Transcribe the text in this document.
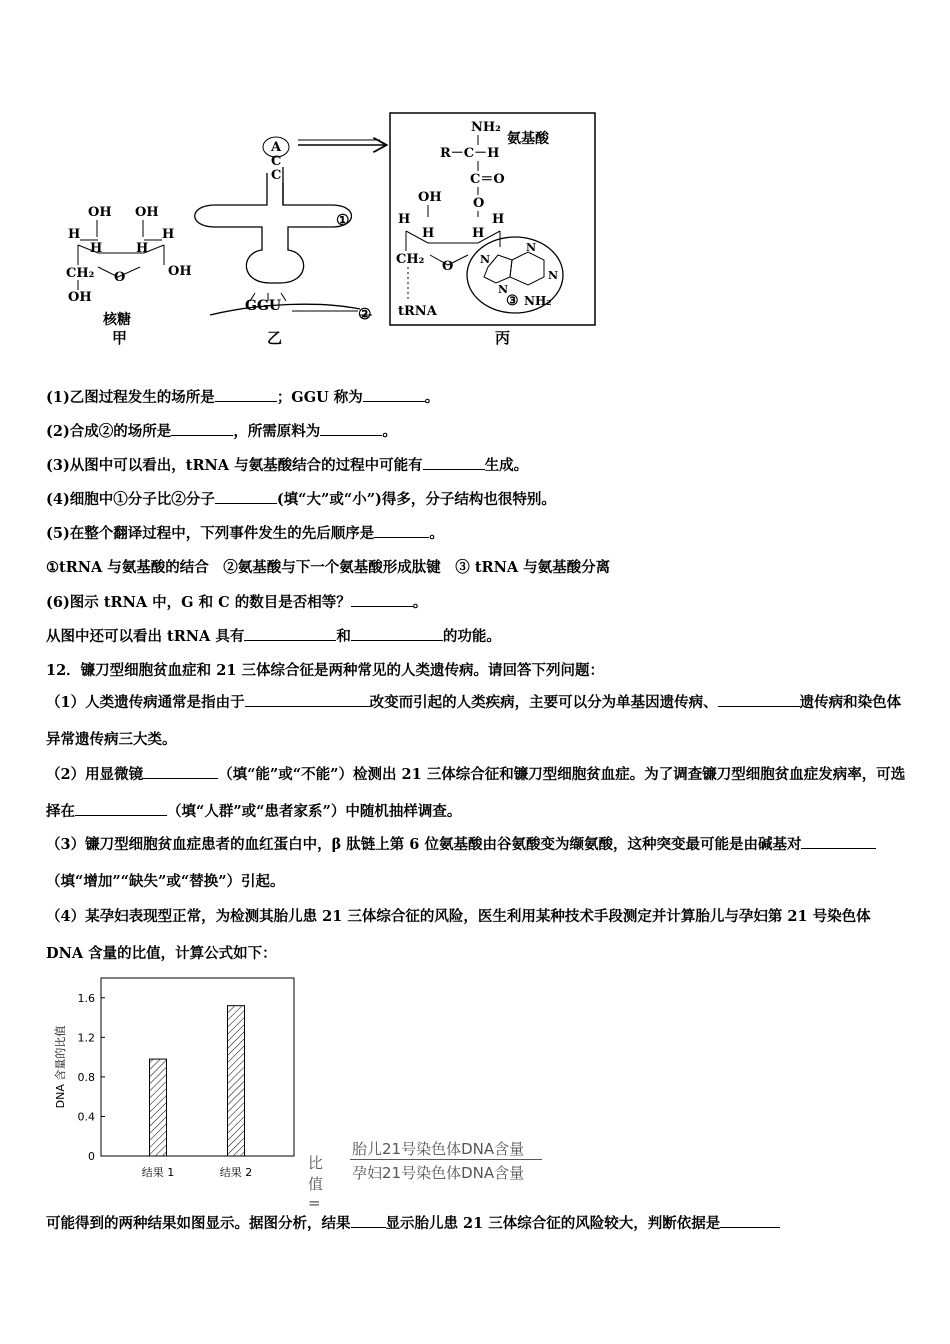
OH OH
H	H
H	H
CH₂	OH
O
OH
核糖
甲
A
C
C
GGU
①
②
乙
NH₂
R－C－H
氨基酸
C＝O
O
OH
H	H
H	H
CH₂ O
tRNA
N
N
N
N
③ NH₂
丙
(1)乙图过程发生的场所是	；GGU 称为	。
(2)合成②的场所是	，所需原料为	。
(3)从图中可以看出，tRNA 与氨基酸结合的过程中可能有	生成。
(4)细胞中①分子比②分子	(填“大”或“小”)得多，分子结构也很特别。
(5)在整个翻译过程中，下列事件发生的先后顺序是	。
①tRNA 与氨基酸的结合　②氨基酸与下一个氨基酸形成肽键　③ tRNA 与氨基酸分离
(6)图示 tRNA 中，G 和 C 的数目是否相等？	。
从图中还可以看出 tRNA 具有	和	的功能。
12．镰刀型细胞贫血症和 21 三体综合征是两种常见的人类遗传病。请回答下列问题：
（1）人类遗传病通常是指由于	改变而引起的人类疾病，主要可以分为单基因遗传病、	遗传病和染色体异常遗传病三大类。
（2）用显微镜	（填“能”或“不能”）检测出 21 三体综合征和镰刀型细胞贫血症。为了调查镰刀型细胞贫血症发病率，可选择在	（填“人群”或“患者家系”）中随机抽样调查。
（3）镰刀型细胞贫血症患者的血红蛋白中，β 肽链上第 6 位氨基酸由谷氨酸变为缬氨酸，这种突变最可能是由碱基对（填“增加”“缺失”或“替换”）引起。
（4）某孕妇表现型正常，为检测其胎儿患 21 三体综合征的风险，医生利用某种技术手段测定并计算胎儿与孕妇第 21 号染色体 DNA 含量的比值，计算公式如下：
0
0.4
0.8
1.2
1.6
DNA 含量的比值
结果 1	结果 2
比值=
胎儿21号染色体DNA含量
孕妇21号染色体DNA含量
可能得到的两种结果如图显示。据图分析，结果 显示胎儿患 21 三体综合征的风险较大，判断依据是
